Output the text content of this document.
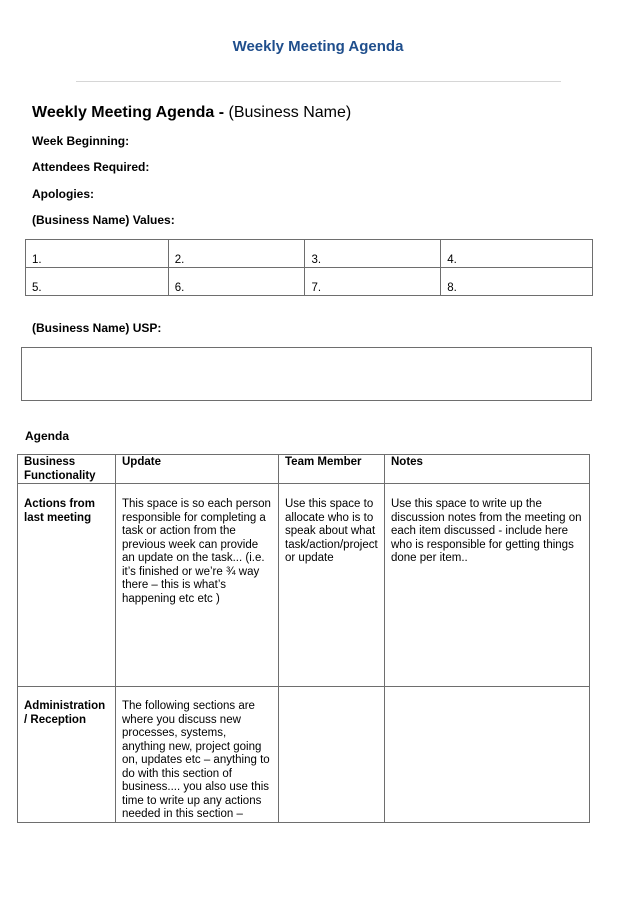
Weekly Meeting Agenda
Weekly Meeting Agenda - (Business Name)
Week Beginning:
Attendees Required:
Apologies:
(Business Name) Values:
1.	2.	3.	4.
5.	6.	7.	8.
(Business Name) USP:
Agenda
Business Functionality	Update	Team Member	Notes
Actions from last meeting	This space is so each person responsible for completing a task or action from the previous week can provide an update on the task... (i.e. it’s finished or we’re ¾ way there – this is what’s happening etc etc )	Use this space to allocate who is to speak about what task/action/project or update	Use this space to write up the discussion notes from the meeting on each item discussed - include here who is responsible for getting things done per item..
Administration / Reception	The following sections are where you discuss new processes, systems, anything new, project going on, updates etc – anything to do with this section of business.... you also use this time to write up any actions needed in this section –		
